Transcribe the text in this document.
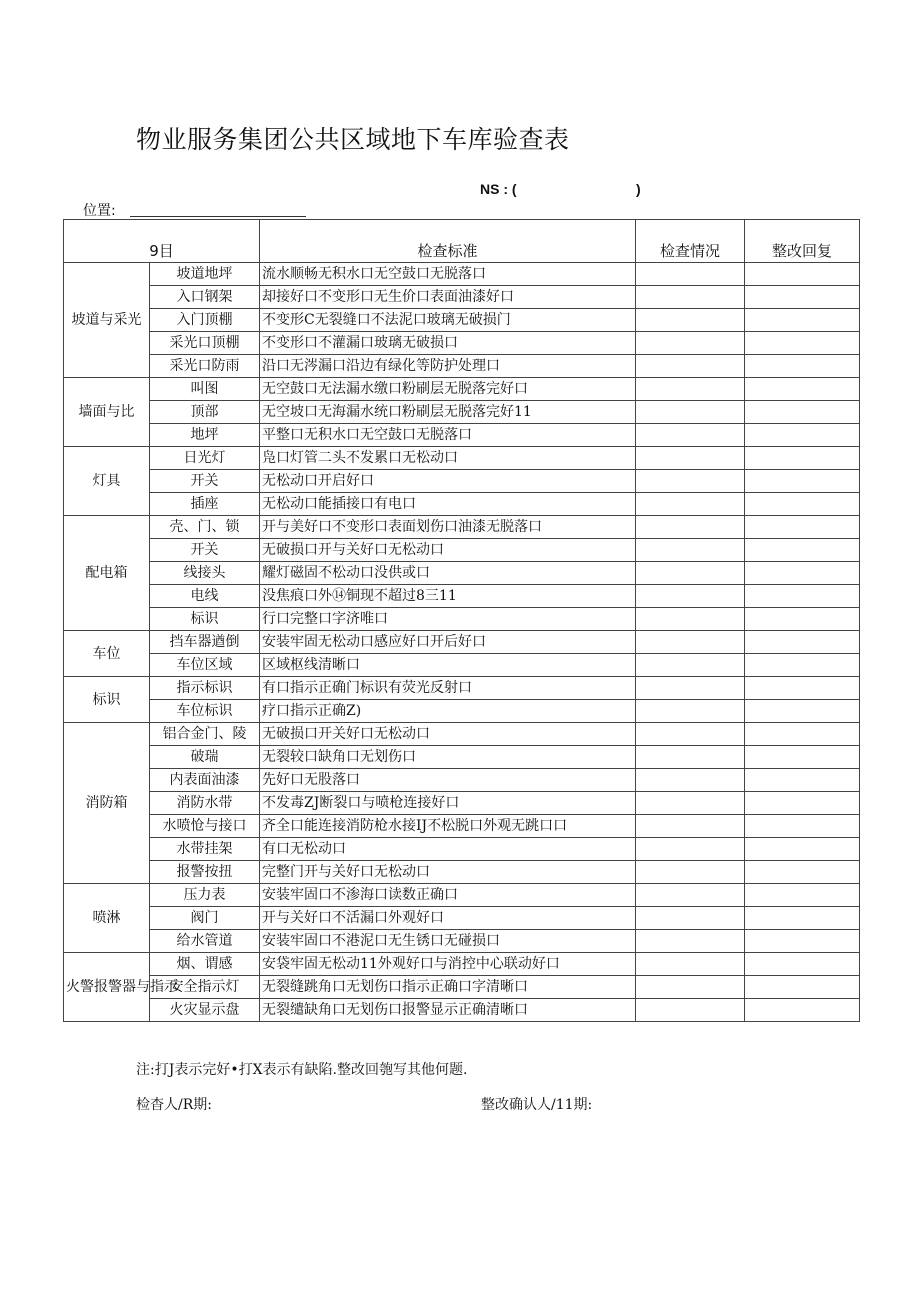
物业服务集团公共区域地下车库验查表
NS : (	)
位置:
9目		检查标准	检查情况	整改回复
坡道与采光	坡道地坪	流水顺畅无积水口无空鼓口无脱落口		
	入口钢架	却接好口不变形口无生价口表面油漆好口		
	入门顶棚	不变形C无裂缝口不法泥口玻璃无破损门		
	采光口顶棚	不变形口不灌漏口玻璃无破损口		
	采光口防雨	沿口无涔漏口沿边有绿化等防护处理口		
墙面与比	叫图	无空鼓口无法漏水缴口粉刷层无脱落完好口		
	顶部	无空坡口无海漏水统口粉刷层无脱落完好11		
	地坪	平整口无积水口无空鼓口无脱落口		
灯具	日光灯	凫口灯管二头不发累口无松动口		
	开关	无松动口开启好口		
	插座	无松动口能插接口有电口		
配电箱	壳、门、锁	开与美好口不变形口表面划伤口油漆无脱落口		
	开关	无破损口开与关好口无松动口		
	线接头	耀灯磁固不松动口没供或口		
	电线	没焦痕口外⑭铜现不超过8三11		
	标识	行口完整口字济唯口		
车位	挡车器遒倒	安装牢固无松动口感应好口开后好口		
	车位区域	区域枢线清晰口		
标识	指示标识	有口指示正确门标识有荧光反射口		
	车位标识	疗口指示正确Z)		
消防箱	铝合金门、陵	无破损口开关好口无松动口		
	破瑞	无裂较口缺角口无划伤口		
	内表面油漆	先好口无股落口		
	消防水带	不发毒ZJ断裂口与喷枪连接好口		
	水喷怆与接口	齐全口能连接消防枪水接IJ不松脱口外观无跳口口		
	水带挂架	有口无松动口		
	报警按扭	完整门开与关好口无松动口		
喷淋	压力表	安装牢固口不渗海口读数正确口		
	阀门	开与关好口不活漏口外观好口		
	给水管道	安装牢固口不港泥口无生锈口无碰损口		
火警报警器与指示	烟、谓感	安袋牢固无松动11外观好口与消控中心联动好口		
	安全指示灯	无裂缝跳角口无划伤口指示正确口字清晰口		
	火灾显示盘	无裂缱缺角口无划伤口报警显示正确清晰口		
注:打J表示完好•打X表示有缺陷.整改回匏写其他何题.
检杳人/R期:	整改确认人/11期:
